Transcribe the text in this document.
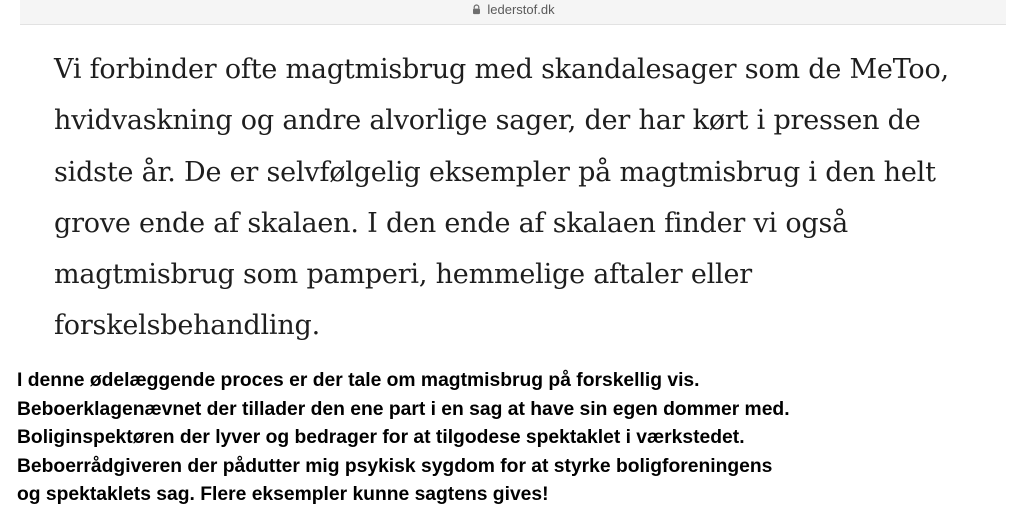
lederstof.dk
Vi forbinder ofte magtmisbrug med skandalesager som de MeToo,
hvidvaskning og andre alvorlige sager, der har kørt i pressen de
sidste år. De er selvfølgelig eksempler på magtmisbrug i den helt
grove ende af skalaen. I den ende af skalaen finder vi også
magtmisbrug som pamperi, hemmelige aftaler eller
forskelsbehandling.
I denne ødelæggende proces er der tale om magtmisbrug på forskellig vis.
Beboerklagenævnet der tillader den ene part i en sag at have sin egen dommer med.
Boliginspektøren der lyver og bedrager for at tilgodese spektaklet i værkstedet.
Beboerrådgiveren der pådutter mig psykisk sygdom for at styrke boligforeningens
og spektaklets sag. Flere eksempler kunne sagtens gives!
